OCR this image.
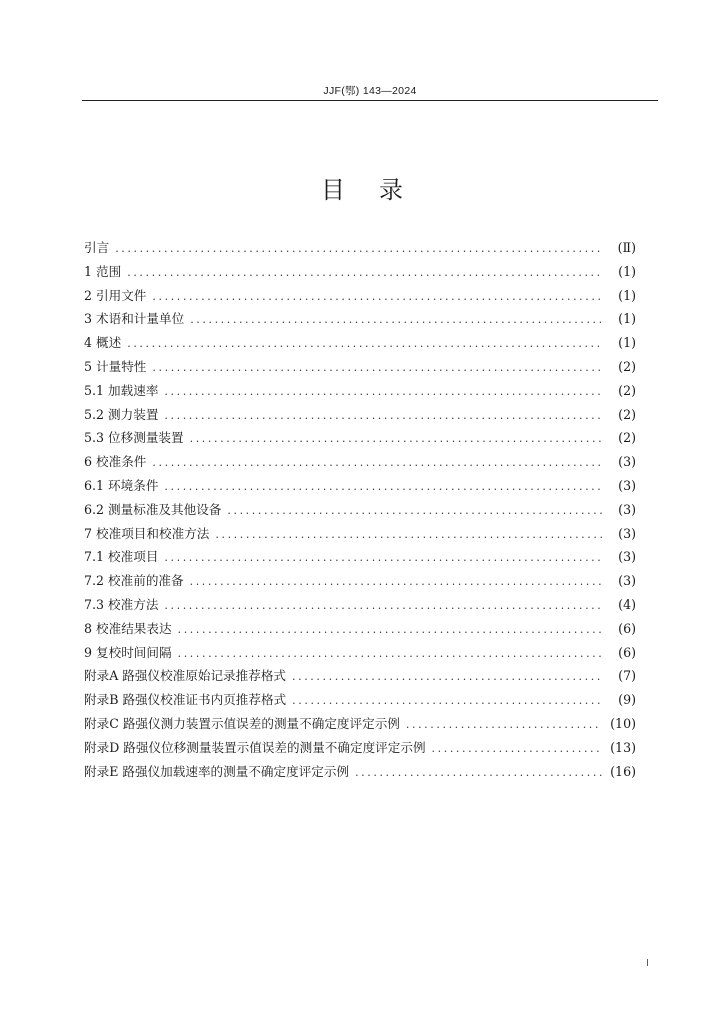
JJF(鄂) 143—2024
目录
引言 .....	(Ⅱ)
1 范围 .....	(1)
2 引用文件 .....	(1)
3 术语和计量单位 .....	(1)
4 概述 .....	(1)
5 计量特性 .....	(2)
5.1 加载速率 .....	(2)
5.2 测力装置 .....	(2)
5.3 位移测量装置 .....	(2)
6 校准条件 .....	(3)
6.1 环境条件 .....	(3)
6.2 测量标准及其他设备 .....	(3)
7 校准项目和校准方法 .....	(3)
7.1 校准项目 .....	(3)
7.2 校准前的准备 .....	(3)
7.3 校准方法 .....	(4)
8 校准结果表达 .....	(6)
9 复校时间间隔 .....	(6)
附录A 路强仪校准原始记录推荐格式 .....	(7)
附录B 路强仪校准证书内页推荐格式 .....	(9)
附录C 路强仪测力装置示值误差的测量不确定度评定示例 .....	(10)
附录D 路强仪位移测量装置示值误差的测量不确定度评定示例 .....	(13)
附录E 路强仪加载速率的测量不确定度评定示例 .....	(16)
Ⅰ
